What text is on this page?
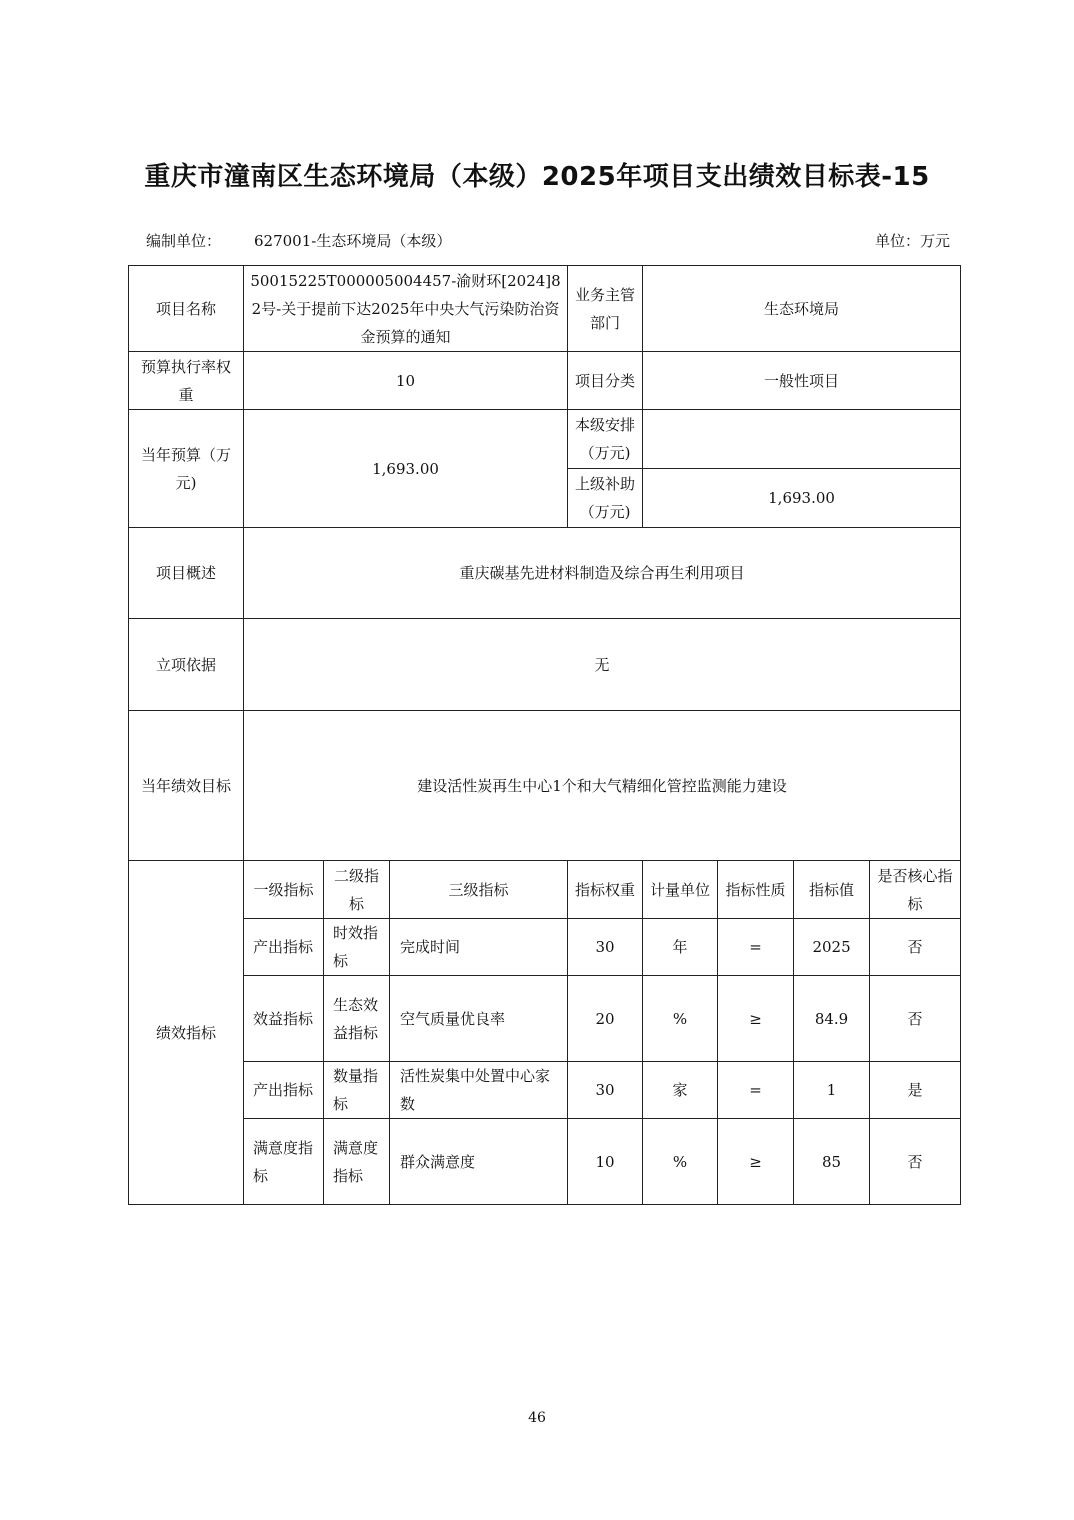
重庆市潼南区生态环境局（本级）2025年项目支出绩效目标表-15
编制单位： 627001-生态环境局（本级）	单位：万元
项目名称	50015225T000005004457-渝财环[2024]82号-关于提前下达2025年中央大气污染防治资金预算的通知			业务主管部门	生态环境局			
预算执行率权重	10			项目分类	一般性项目			
当年预算（万元)	1,693.00			本级安排（万元)				
				上级补助（万元)	1,693.00			
项目概述	重庆碳基先进材料制造及综合再生利用项目							
立项依据	无							
当年绩效目标	建设活性炭再生中心1个和大气精细化管控监测能力建设							
绩效指标	一级指标	二级指标	三级指标	指标权重	计量单位	指标性质	指标值	是否核心指标
	产出指标	时效指标	完成时间	30	年	=	2025	否
	效益指标	生态效益指标	空气质量优良率	20	%	≥	84.9	否
	产出指标	数量指标	活性炭集中处置中心家数	30	家	=	1	是
	满意度指标	满意度指标	群众满意度	10	%	≥	85	否
46
